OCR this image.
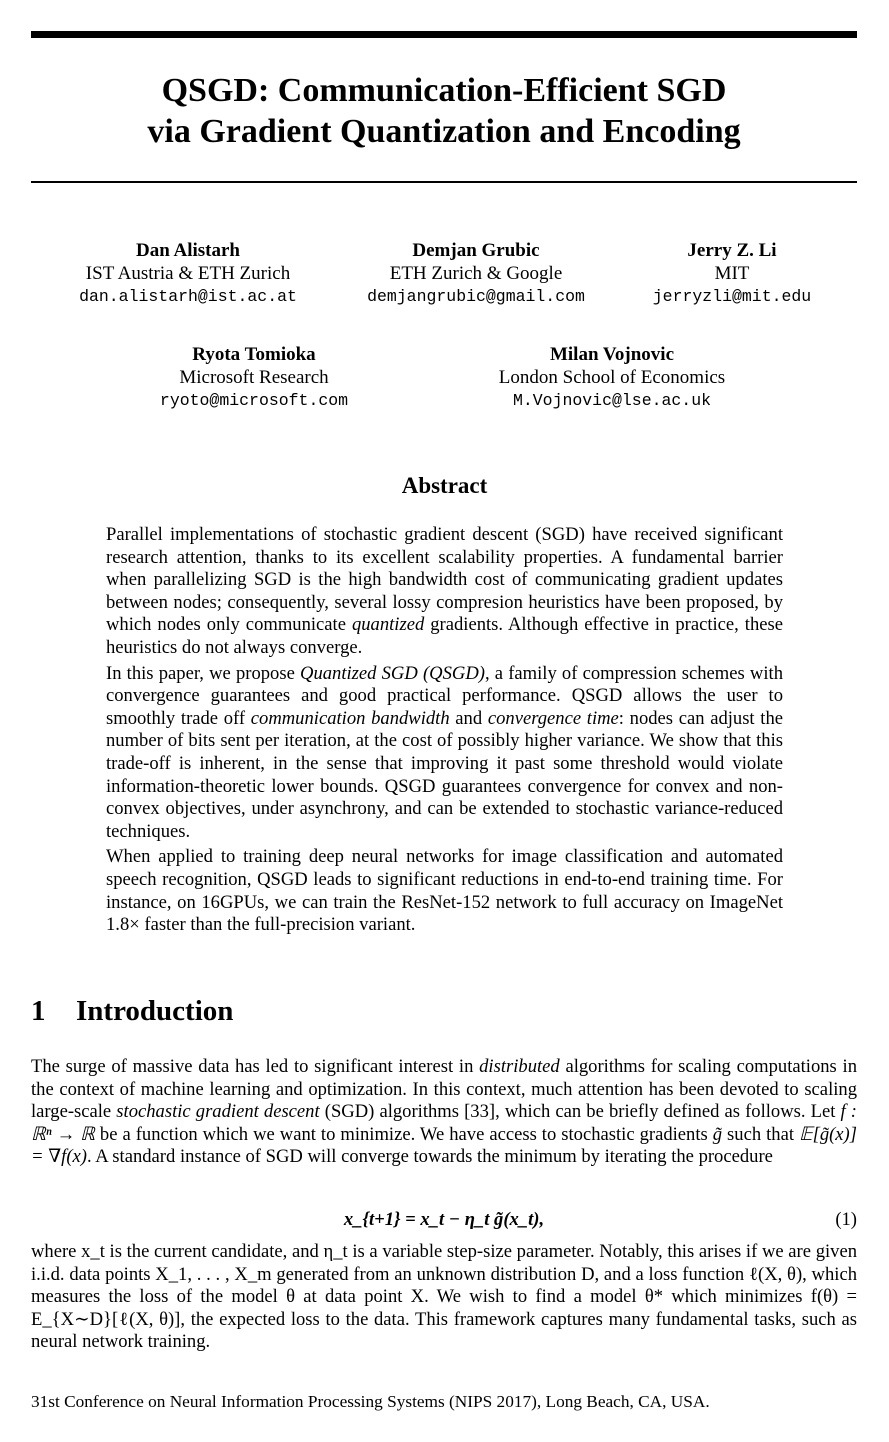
QSGD: Communication-Efficient SGD
via Gradient Quantization and Encoding
Dan Alistarh
IST Austria & ETH Zurich
dan.alistarh@ist.ac.at
Demjan Grubic
ETH Zurich & Google
demjangrubic@gmail.com
Jerry Z. Li
MIT
jerryzli@mit.edu
Ryota Tomioka
Microsoft Research
ryoto@microsoft.com
Milan Vojnovic
London School of Economics
M.Vojnovic@lse.ac.uk
Abstract

Parallel implementations of stochastic gradient descent (SGD) have received significant research attention, thanks to its excellent scalability properties. A fundamental barrier when parallelizing SGD is the high bandwidth cost of communicating gradient updates between nodes; consequently, several lossy compresion heuristics have been proposed, by which nodes only communicate quantized gradients. Although effective in practice, these heuristics do not always converge.

In this paper, we propose Quantized SGD (QSGD), a family of compression schemes with convergence guarantees and good practical performance. QSGD allows the user to smoothly trade off communication bandwidth and convergence time: nodes can adjust the number of bits sent per iteration, at the cost of possibly higher variance. We show that this trade-off is inherent, in the sense that improving it past some threshold would violate information-theoretic lower bounds. QSGD guarantees convergence for convex and non-convex objectives, under asynchrony, and can be extended to stochastic variance-reduced techniques.

When applied to training deep neural networks for image classification and automated speech recognition, QSGD leads to significant reductions in end-to-end training time. For instance, on 16GPUs, we can train the ResNet-152 network to full accuracy on ImageNet 1.8× faster than the full-precision variant.

1 Introduction
The surge of massive data has led to significant interest in distributed algorithms for scaling computations in the context of machine learning and optimization. In this context, much attention has been devoted to scaling large-scale stochastic gradient descent (SGD) algorithms [33], which can be briefly defined as follows. Let f : ℝⁿ → ℝ be a function which we want to minimize. We have access to stochastic gradients g̃ such that 𝔼[g̃(x)] = ∇f(x). A standard instance of SGD will converge towards the minimum by iterating the procedure
x_{t+1} = x_t − η_t g̃(x_t),	(1)
where x_t is the current candidate, and η_t is a variable step-size parameter. Notably, this arises if we are given i.i.d. data points X_1, . . . , X_m generated from an unknown distribution D, and a loss function ℓ(X, θ), which measures the loss of the model θ at data point X. We wish to find a model θ* which minimizes f(θ) = E_{X∼D}[ℓ(X, θ)], the expected loss to the data. This framework captures many fundamental tasks, such as neural network training.
31st Conference on Neural Information Processing Systems (NIPS 2017), Long Beach, CA, USA.
